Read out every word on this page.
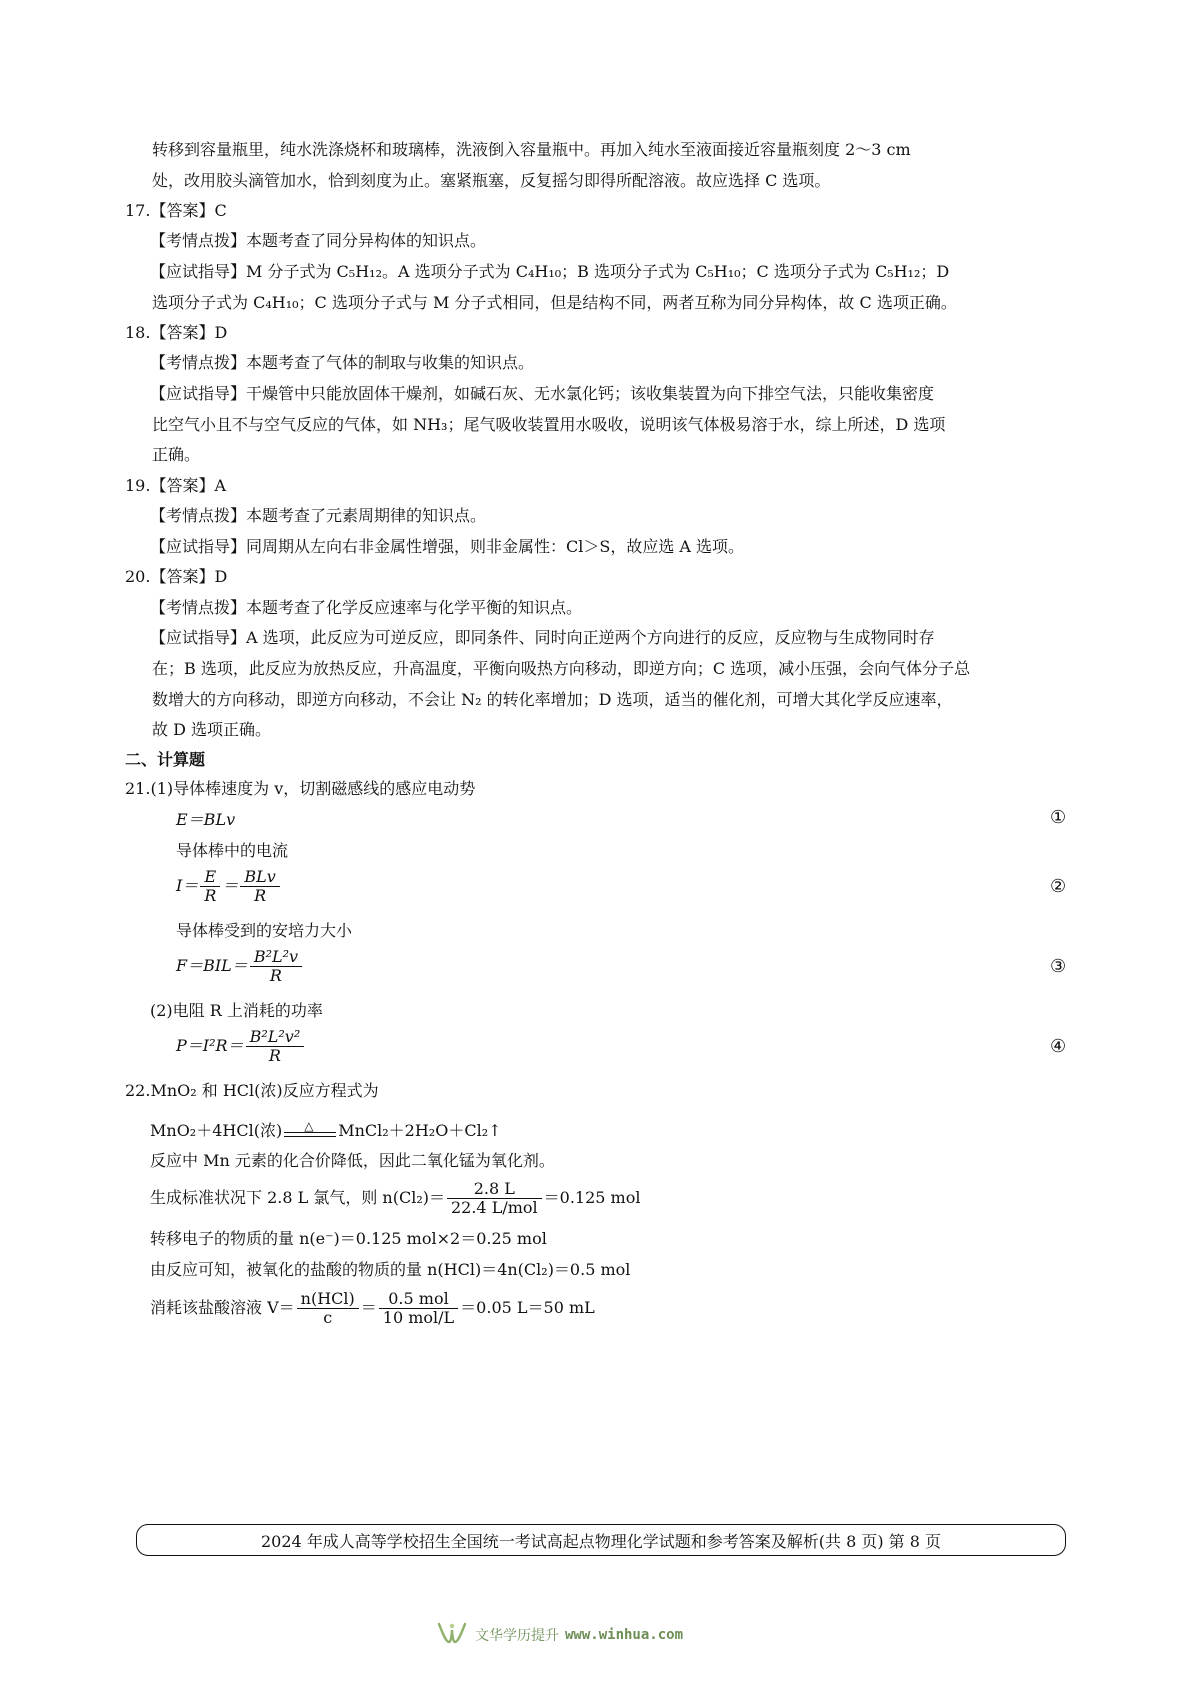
转移到容量瓶里，纯水洗涤烧杯和玻璃棒，洗液倒入容量瓶中。再加入纯水至液面接近容量瓶刻度 2～3 cm
处，改用胶头滴管加水，恰到刻度为止。塞紧瓶塞，反复摇匀即得所配溶液。故应选择 C 选项。
17.【答案】C
【考情点拨】本题考查了同分异构体的知识点。
【应试指导】M 分子式为 C₅H₁₂。A 选项分子式为 C₄H₁₀；B 选项分子式为 C₅H₁₀；C 选项分子式为 C₅H₁₂；D
选项分子式为 C₄H₁₀；C 选项分子式与 M 分子式相同，但是结构不同，两者互称为同分异构体，故 C 选项正确。
18.【答案】D
【考情点拨】本题考查了气体的制取与收集的知识点。
【应试指导】干燥管中只能放固体干燥剂，如碱石灰、无水氯化钙；该收集装置为向下排空气法，只能收集密度
比空气小且不与空气反应的气体，如 NH₃；尾气吸收装置用水吸收，说明该气体极易溶于水，综上所述，D 选项
正确。
19.【答案】A
【考情点拨】本题考查了元素周期律的知识点。
【应试指导】同周期从左向右非金属性增强，则非金属性：Cl＞S，故应选 A 选项。
20.【答案】D
【考情点拨】本题考查了化学反应速率与化学平衡的知识点。
【应试指导】A 选项，此反应为可逆反应，即同条件、同时向正逆两个方向进行的反应，反应物与生成物同时存
在；B 选项，此反应为放热反应，升高温度，平衡向吸热方向移动，即逆方向；C 选项，减小压强，会向气体分子总
数增大的方向移动，即逆方向移动，不会让 N₂ 的转化率增加；D 选项，适当的催化剂，可增大其化学反应速率，
故 D 选项正确。
二、计算题
21.(1)导体棒速度为 v，切割磁感线的感应电动势
E＝BLv	①
导体棒中的电流
$I= \frac{E}{R} = \frac{\text{BLv}}{R}$	②
导体棒受到的安培力大小
$F=BIL= \frac{\text{B²L²v}}{R}$	③
(2)电阻 R 上消耗的功率
$P=I^2R= \frac{\text{B²L²v²}}{R}$	④
22.MnO₂ 和 HCl(浓)反应方程式为
MnO₂＋4HCl(浓) △ MnCl₂＋2H₂O＋Cl₂↑
反应中 Mn 元素的化合价降低，因此二氧化锰为氧化剂。
生成标准状况下 2.8 L 氯气，则 $n(Cl_2)= \frac{2.8 L}{\text{22.4 L/mol}} =0.125$ mol
转移电子的物质的量 n(e⁻)＝0.125 mol×2＝0.25 mol
由反应可知，被氧化的盐酸的物质的量 n(HCl)＝4n(Cl₂)＝0.5 mol
消耗该盐酸溶液 $V= \frac{\text{n(HCl)}}{c} = \frac{\text{0.5 mol}}{\text{10 mol/L}} =0.05$ L＝50 mL
2024 年成人高等学校招生全国统一考试高起点物理化学试题和参考答案及解析(共 8 页) 第 8 页
文华学历提升 www.winhua.com
